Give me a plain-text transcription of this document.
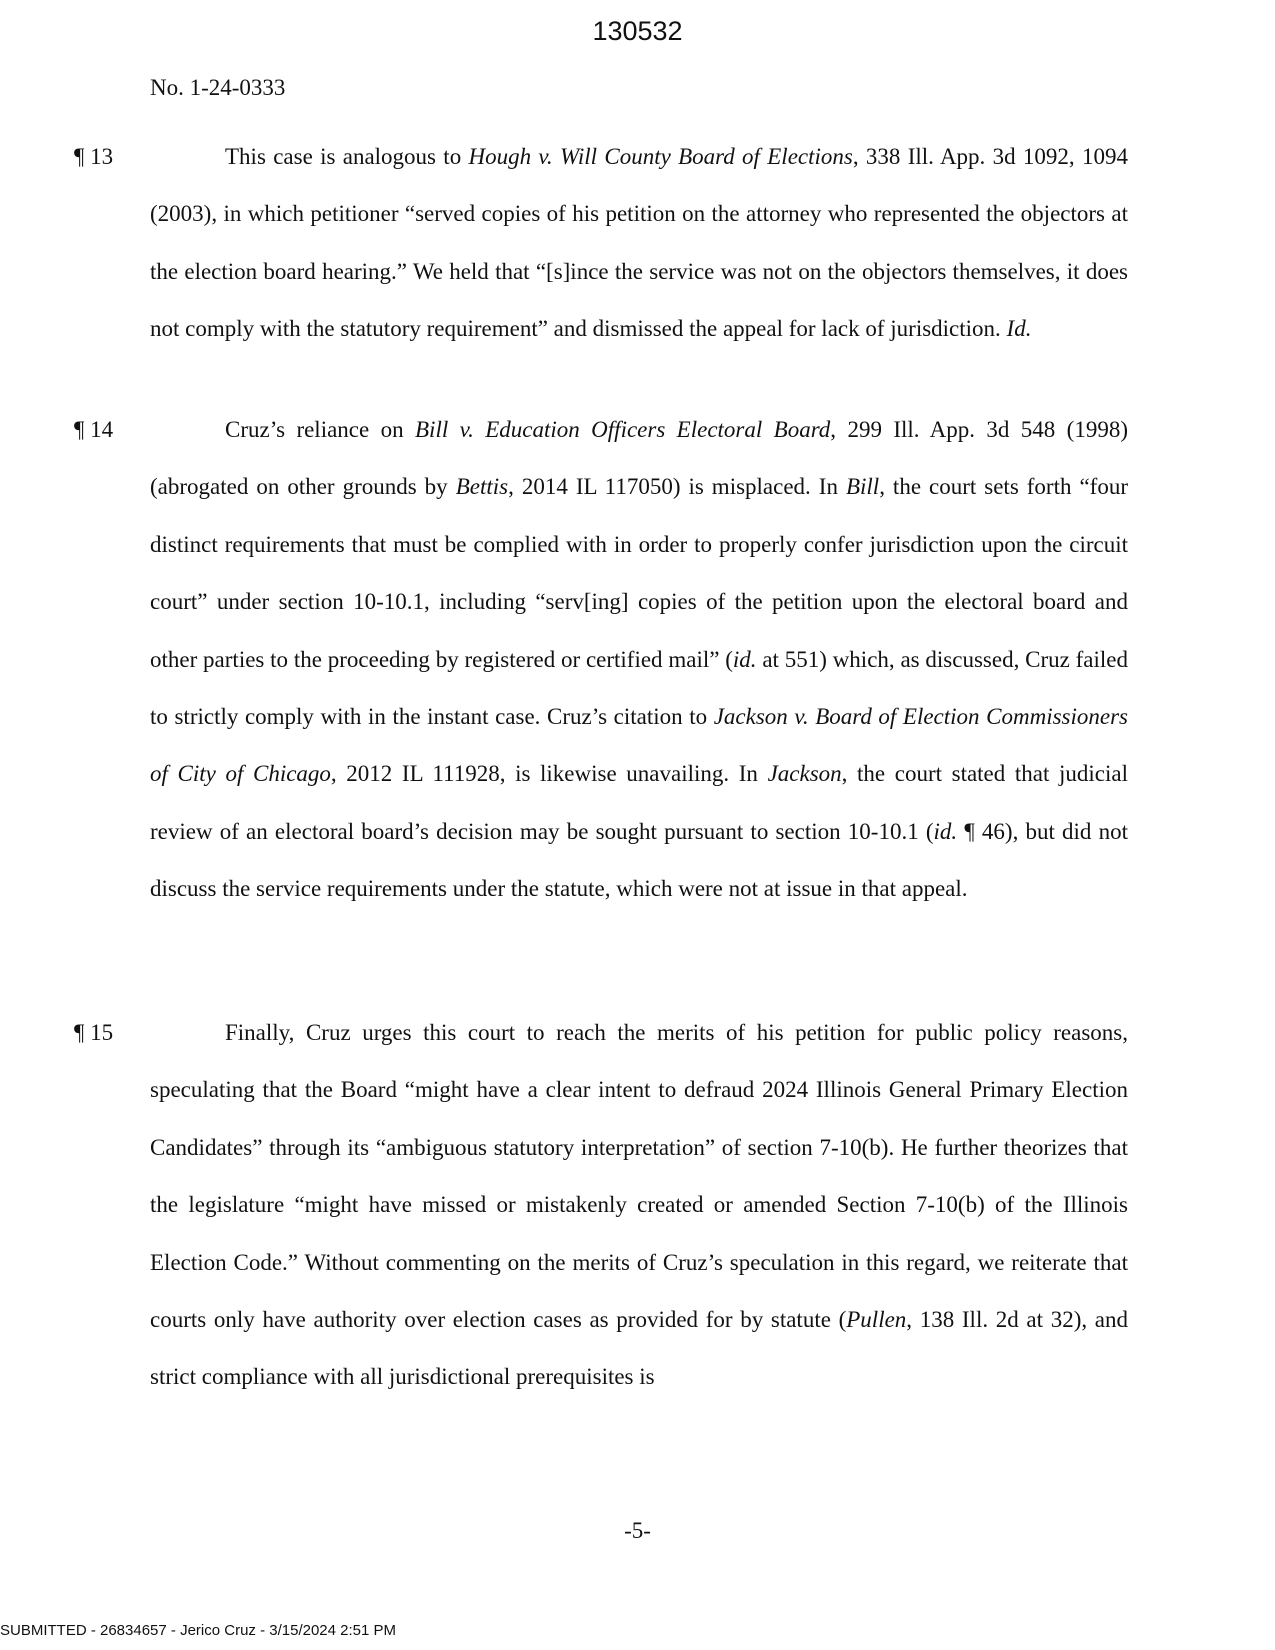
130532
No. 1-24-0333
¶ 13	This case is analogous to Hough v. Will County Board of Elections, 338 Ill. App. 3d 1092, 1094 (2003), in which petitioner “served copies of his petition on the attorney who represented the objectors at the election board hearing.” We held that “[s]ince the service was not on the objectors themselves, it does not comply with the statutory requirement” and dismissed the appeal for lack of jurisdiction. Id.
¶ 14	Cruz’s reliance on Bill v. Education Officers Electoral Board, 299 Ill. App. 3d 548 (1998) (abrogated on other grounds by Bettis, 2014 IL 117050) is misplaced. In Bill, the court sets forth “four distinct requirements that must be complied with in order to properly confer jurisdiction upon the circuit court” under section 10-10.1, including “serv[ing] copies of the petition upon the electoral board and other parties to the proceeding by registered or certified mail” (id. at 551) which, as discussed, Cruz failed to strictly comply with in the instant case. Cruz’s citation to Jackson v. Board of Election Commissioners of City of Chicago, 2012 IL 111928, is likewise unavailing. In Jackson, the court stated that judicial review of an electoral board’s decision may be sought pursuant to section 10-10.1 (id. ¶ 46), but did not discuss the service requirements under the statute, which were not at issue in that appeal.
¶ 15	Finally, Cruz urges this court to reach the merits of his petition for public policy reasons, speculating that the Board “might have a clear intent to defraud 2024 Illinois General Primary Election Candidates” through its “ambiguous statutory interpretation” of section 7-10(b). He further theorizes that the legislature “might have missed or mistakenly created or amended Section 7-10(b) of the Illinois Election Code.” Without commenting on the merits of Cruz’s speculation in this regard, we reiterate that courts only have authority over election cases as provided for by statute (Pullen, 138 Ill. 2d at 32), and strict compliance with all jurisdictional prerequisites is
-5-
SUBMITTED - 26834657 - Jerico Cruz - 3/15/2024 2:51 PM
